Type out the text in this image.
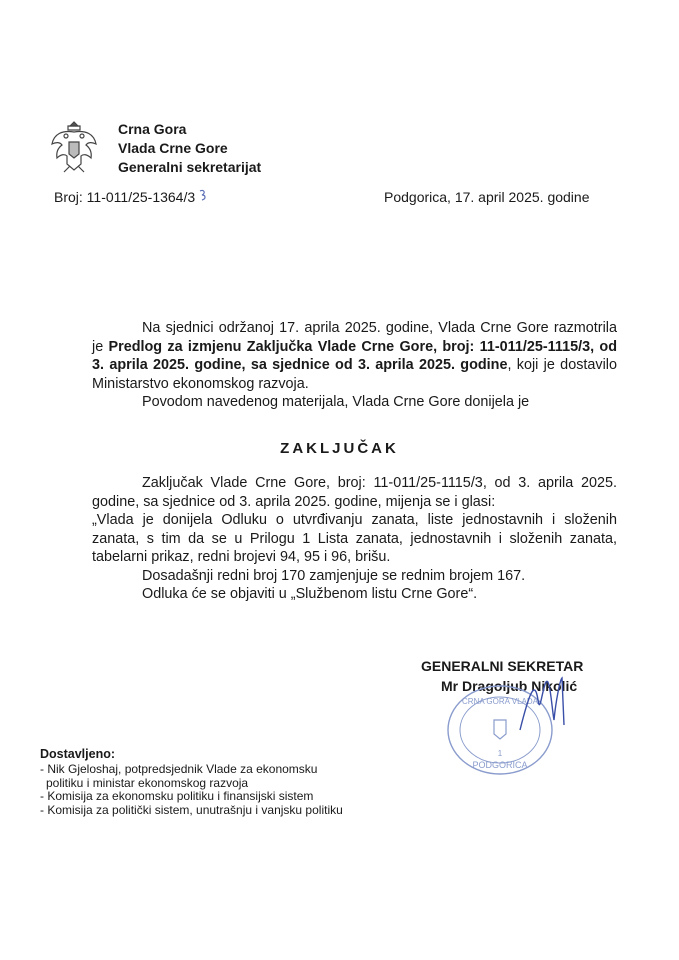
Crna Gora
Vlada Crne Gore
Generalni sekretarijat
Broj: 11-011/25-1364/3	Podgorica, 17. april 2025. godine

Na sjednici održanoj 17. aprila 2025. godine, Vlada Crne Gore razmotrila je Predlog za izmjenu Zaključka Vlade Crne Gore, broj: 11-011/25-1115/3, od 3. aprila 2025. godine, sa sjednice od 3. aprila 2025. godine, koji je dostavilo Ministarstvo ekonomskog razvoja.

Povodom navedenog materijala, Vlada Crne Gore donijela je

ZAKLJUČAK

Zaključak Vlade Crne Gore, broj: 11-011/25-1115/3, od 3. aprila 2025. godine, sa sjednice od 3. aprila 2025. godine, mijenja se i glasi:

„Vlada je donijela Odluku o utvrđivanju zanata, liste jednostavnih i složenih zanata, s tim da se u Prilogu 1 Lista zanata, jednostavnih i složenih zanata, tabelarni prikaz, redni brojevi 94, 95 i 96, brišu.

Dosadašnji redni broj 170 zamjenjuje se rednim brojem 167.

Odluka će se objaviti u „Službenom listu Crne Gore“.

GENERALNI SEKRETAR
Mr Dragoljub Nikolić
PODGORICA
1
CRNA GORA VLADA
Dostavljeno:
- Nik Gjeloshaj, potpredsjednik Vlade za ekonomsku
politiku i ministar ekonomskog razvoja
- Komisija za ekonomsku politiku i finansijski sistem
- Komisija za politički sistem, unutrašnju i vanjsku politiku
